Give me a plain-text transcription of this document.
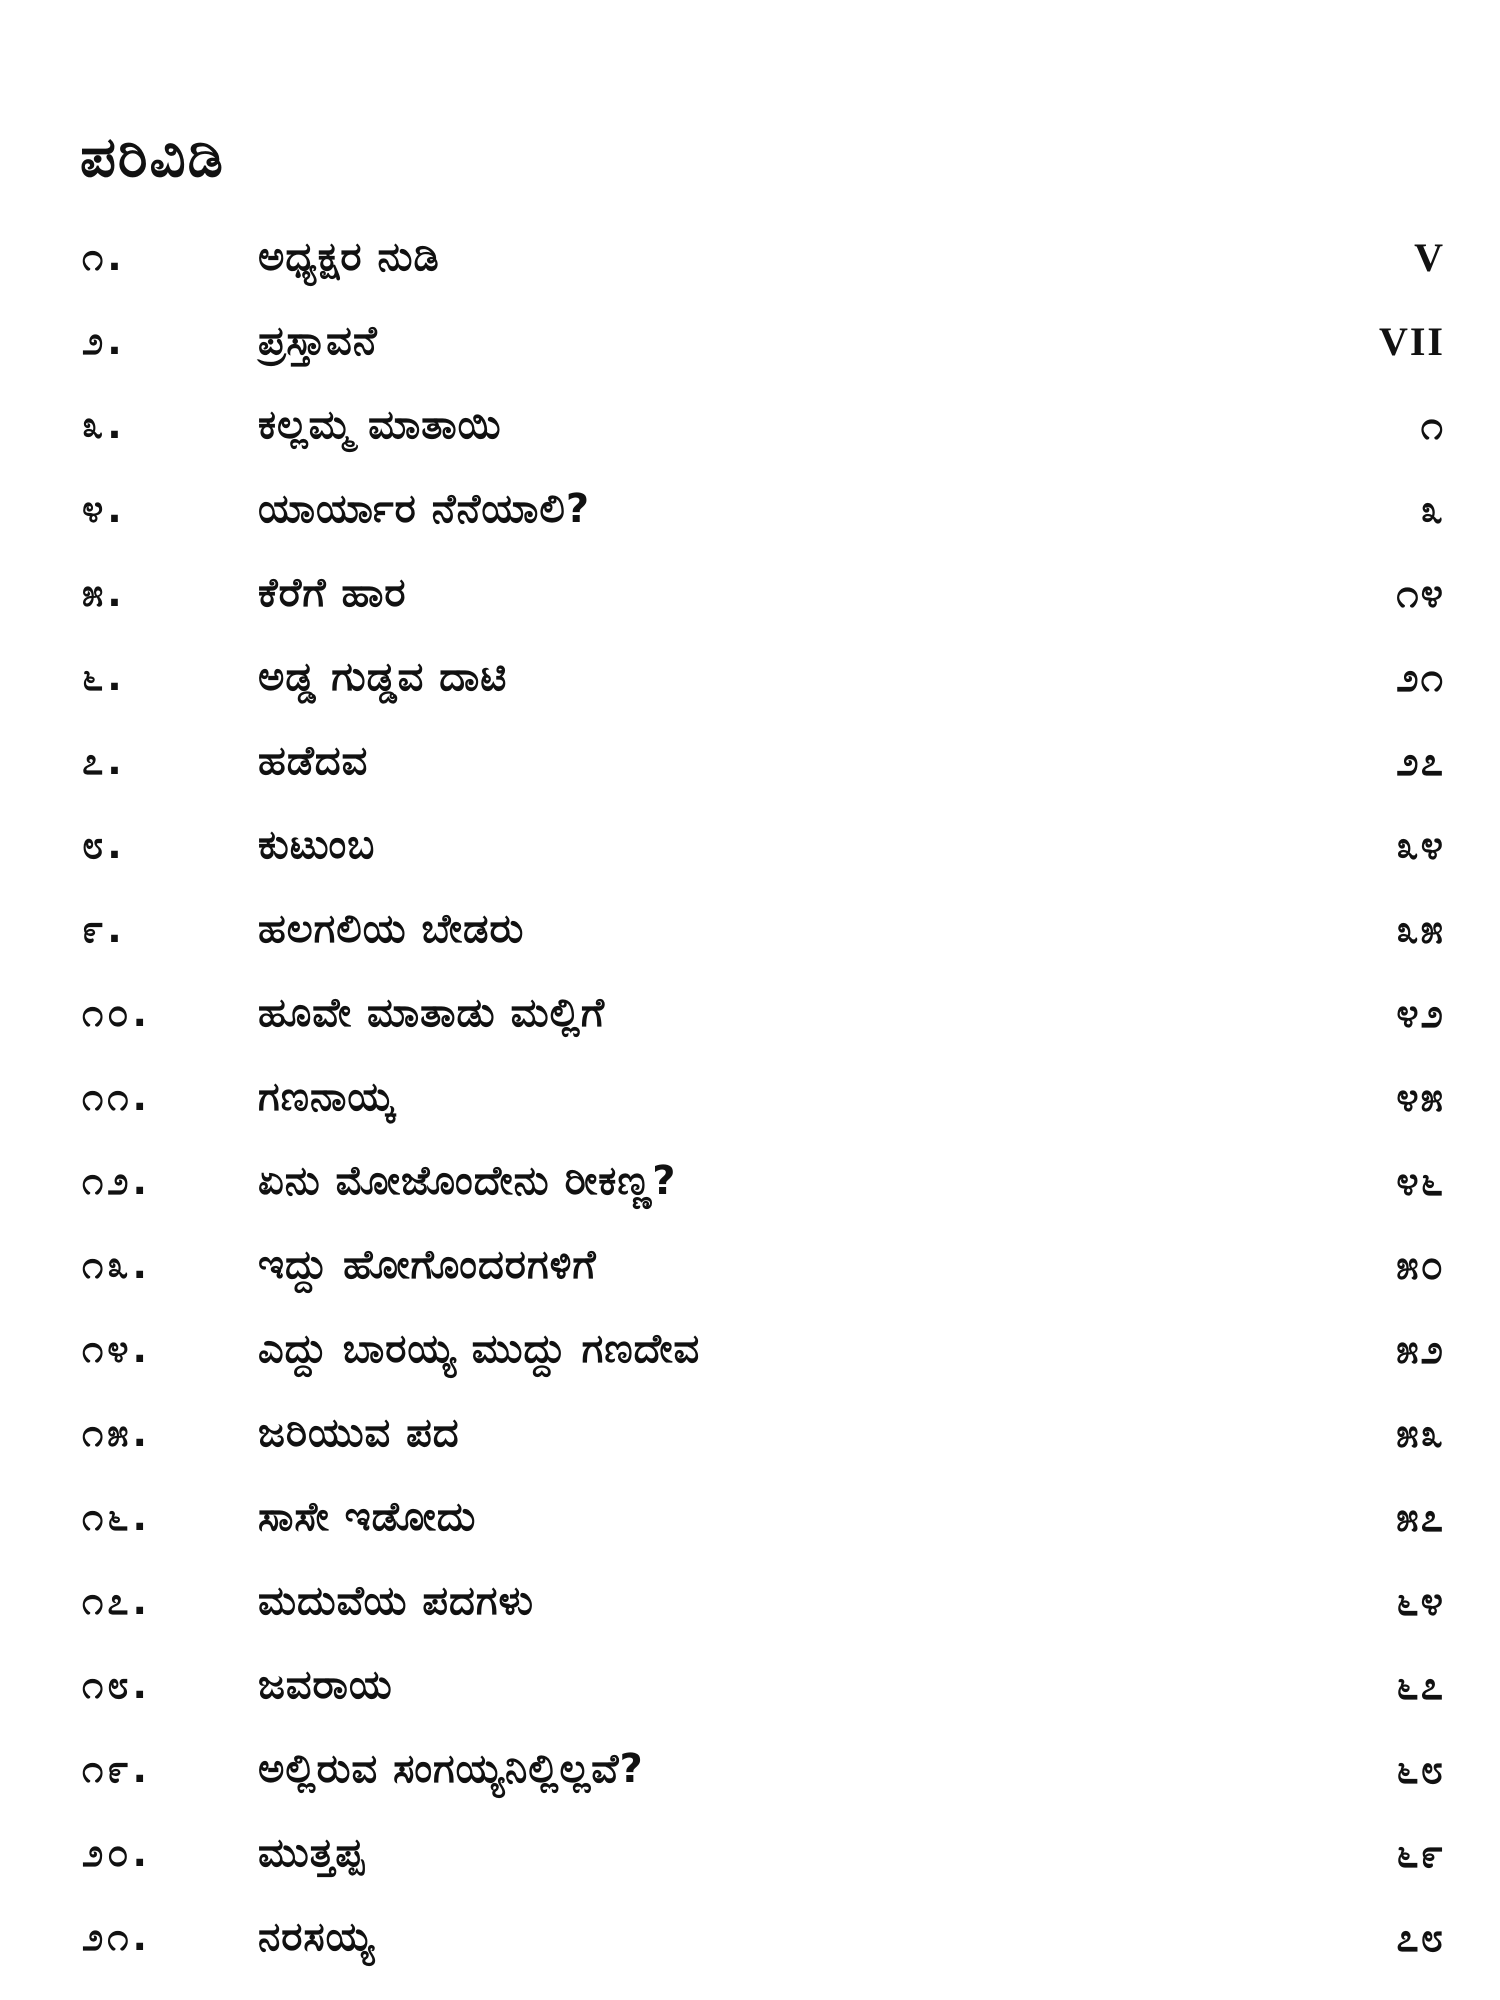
ಪರಿವಿಡಿ
೧.	ಅಧ್ಯಕ್ಷರ ನುಡಿ	V
೨.	ಪ್ರಸ್ತಾವನೆ	VII
೩.	ಕಲ್ಲಮ್ಮ ಮಾತಾಯಿ	೧
೪.	ಯಾರ್ಯಾರ ನೆನೆಯಾಲಿ?	೩
೫.	ಕೆರೆಗೆ ಹಾರ	೧೪
೬.	ಅಡ್ಡ ಗುಡ್ಡವ ದಾಟಿ	೨೧
೭.	ಹಡೆದವ	೨೭
೮.	ಕುಟುಂಬ	೩೪
೯.	ಹಲಗಲಿಯ ಬೇಡರು	೩೫
೧೦.	ಹೂವೇ ಮಾತಾಡು ಮಲ್ಲಿಗೆ	೪೨
೧೧.	ಗಣನಾಯ್ಕ	೪೫
೧೨.	ಏನು ಮೋಜೊಂದೇನು ರೀಕಣ್ಣ?	೪೬
೧೩.	ಇದ್ದು ಹೋಗೊಂದರಗಳಿಗೆ	೫೦
೧೪.	ಎದ್ದು ಬಾರಯ್ಯ ಮುದ್ದು ಗಣದೇವ	೫೨
೧೫.	ಜರಿಯುವ ಪದ	೫೩
೧೬.	ಸಾಸೇ ಇಡೋದು	೫೭
೧೭.	ಮದುವೆಯ ಪದಗಳು	೬೪
೧೮.	ಜವರಾಯ	೬೭
೧೯.	ಅಲ್ಲಿರುವ ಸಂಗಯ್ಯನಿಲ್ಲಿಲ್ಲವೆ?	೬೮
೨೦.	ಮುತ್ತಪ್ಪ	೬೯
೨೧.	ನರಸಯ್ಯ	೭೮
